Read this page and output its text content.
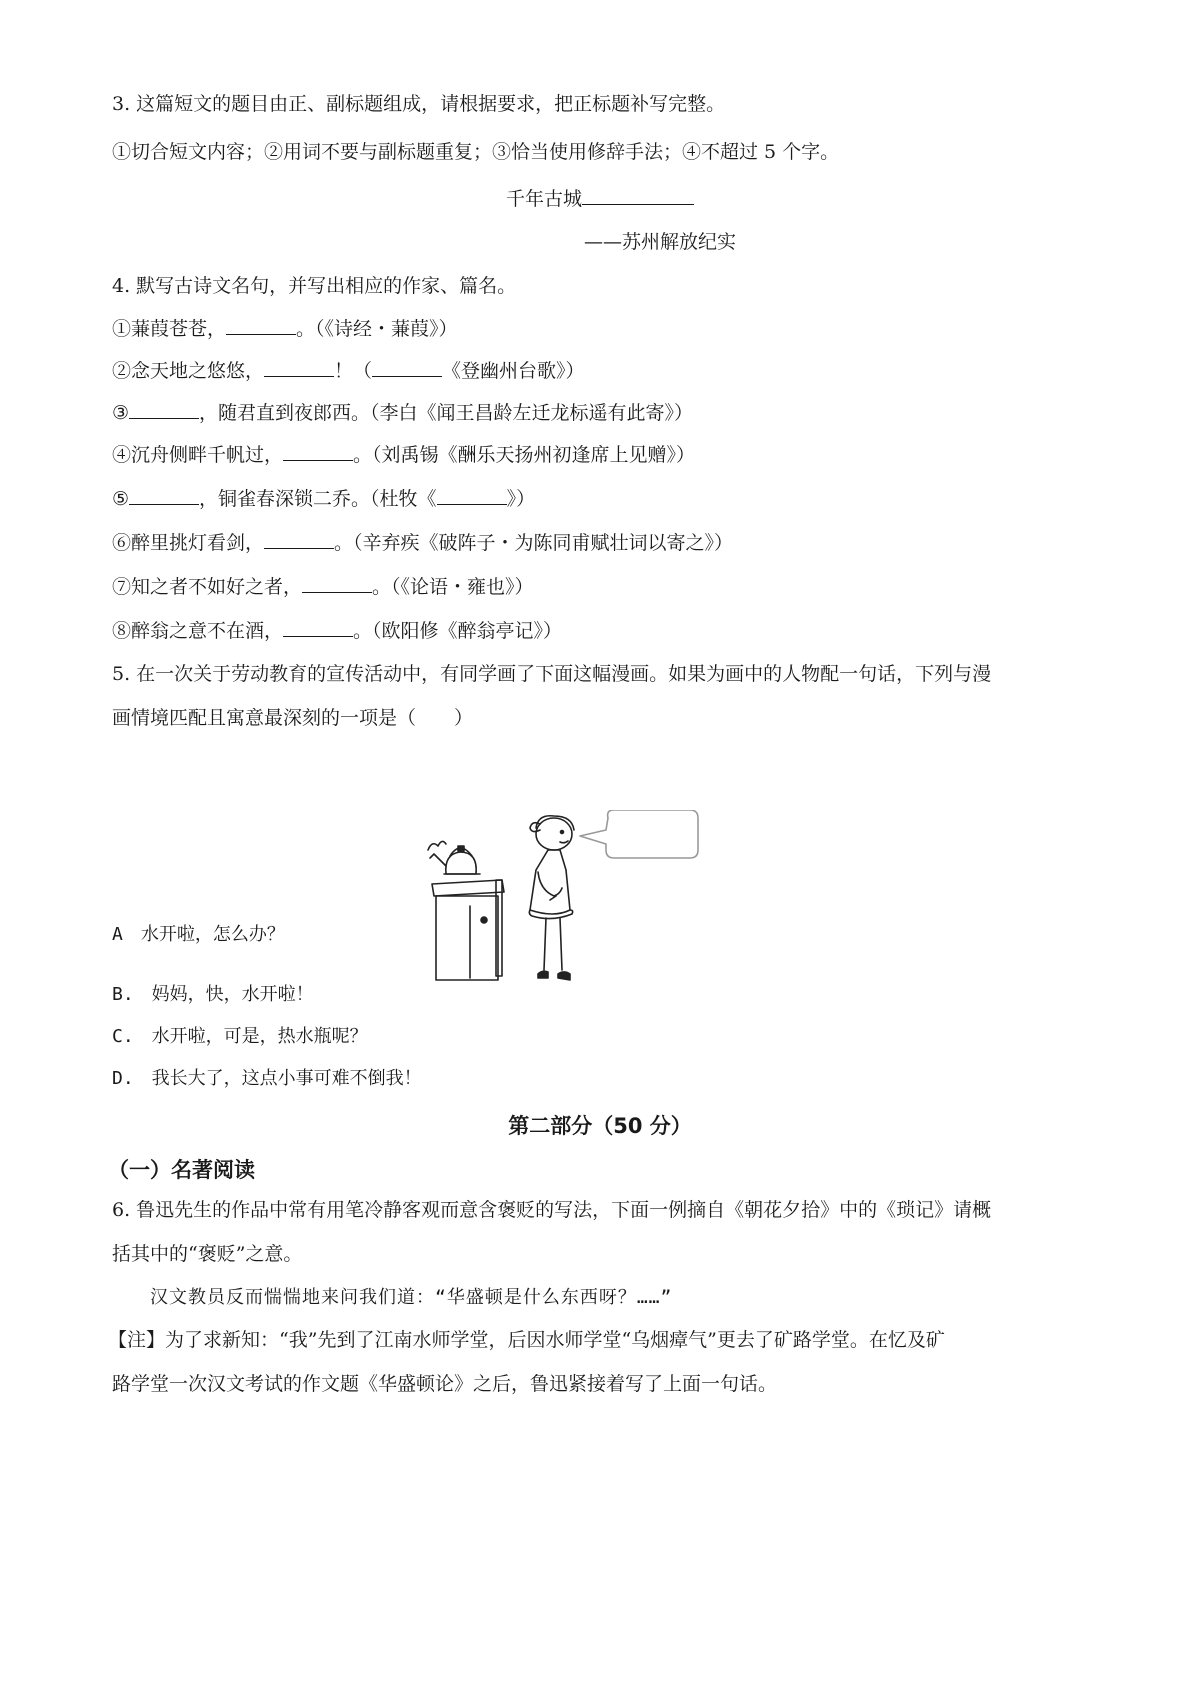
3. 这篇短文的题目由正、副标题组成，请根据要求，把正标题补写完整。
①切合短文内容；②用词不要与副标题重复；③恰当使用修辞手法；④不超过 5 个字。
千年古城
——苏州解放纪实
4. 默写古诗文名句，并写出相应的作家、篇名。
①蒹葭苍苍，	。（《诗经・蒹葭》）
②念天地之悠悠，	！（	《登幽州台歌》）
③	，随君直到夜郎西。（李白《闻王昌龄左迁龙标遥有此寄》）
④沉舟侧畔千帆过，	。（刘禹锡《酬乐天扬州初逢席上见赠》）
⑤	，铜雀春深锁二乔。（杜牧《	》）
⑥醉里挑灯看剑，	。（辛弃疾《破阵子・为陈同甫赋壮词以寄之》）
⑦知之者不如好之者，	。（《论语・雍也》）
⑧醉翁之意不在酒，	。（欧阳修《醉翁亭记》）
5. 在一次关于劳动教育的宣传活动中，有同学画了下面这幅漫画。如果为画中的人物配一句话，下列与漫
画情境匹配且寓意最深刻的一项是（　　）
A　水开啦，怎么办？
B.　妈妈，快，水开啦！
C.　水开啦，可是，热水瓶呢？
D.　我长大了，这点小事可难不倒我！
第二部分（50 分）
（一）名著阅读
6. 鲁迅先生的作品中常有用笔冷静客观而意含褒贬的写法，下面一例摘自《朝花夕拾》中的《琐记》请概
括其中的“褒贬”之意。
汉文教员反而惴惴地来问我们道：“华盛顿是什么东西呀？……”
【注】为了求新知：“我”先到了江南水师学堂，后因水师学堂“乌烟瘴气”更去了矿路学堂。在忆及矿
路学堂一次汉文考试的作文题《华盛顿论》之后，鲁迅紧接着写了上面一句话。
